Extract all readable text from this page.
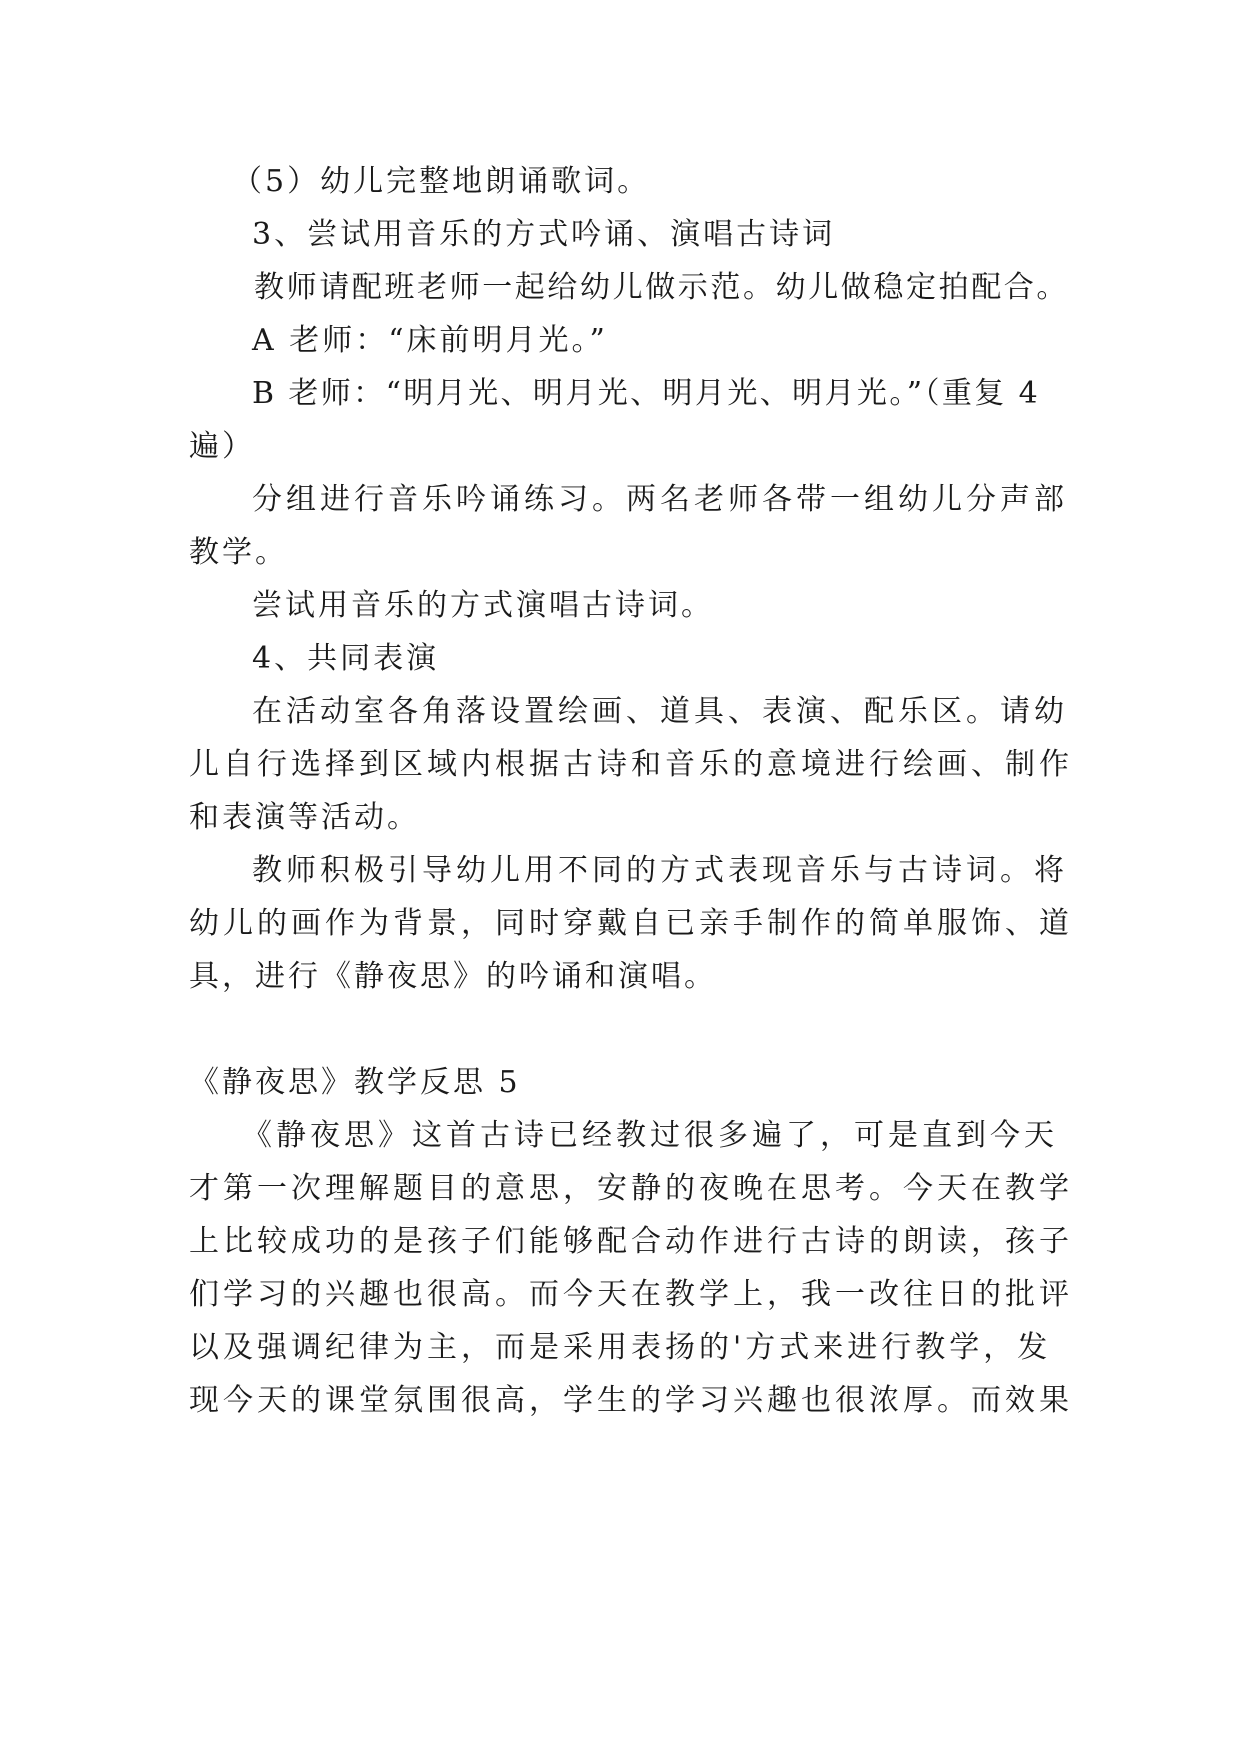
（5）幼儿完整地朗诵歌词。
3、尝试用音乐的方式吟诵、演唱古诗词
教师请配班老师一起给幼儿做示范。幼儿做稳定拍配合。
A 老师：“床前明月光。”
B 老师：“明月光、明月光、明月光、明月光。”（重复 4
遍）
分组进行音乐吟诵练习。两名老师各带一组幼儿分声部
教学。
尝试用音乐的方式演唱古诗词。
4、共同表演
在活动室各角落设置绘画、道具、表演、配乐区。请幼
儿自行选择到区域内根据古诗和音乐的意境进行绘画、制作
和表演等活动。
教师积极引导幼儿用不同的方式表现音乐与古诗词。将
幼儿的画作为背景，同时穿戴自已亲手制作的简单服饰、道
具，进行《静夜思》的吟诵和演唱。
《静夜思》教学反思 5
《静夜思》这首古诗已经教过很多遍了，可是直到今天
才第一次理解题目的意思，安静的夜晚在思考。今天在教学
上比较成功的是孩子们能够配合动作进行古诗的朗读，孩子
们学习的兴趣也很高。而今天在教学上，我一改往日的批评
以及强调纪律为主，而是采用表扬的'方式来进行教学，发
现今天的课堂氛围很高，学生的学习兴趣也很浓厚。而效果
